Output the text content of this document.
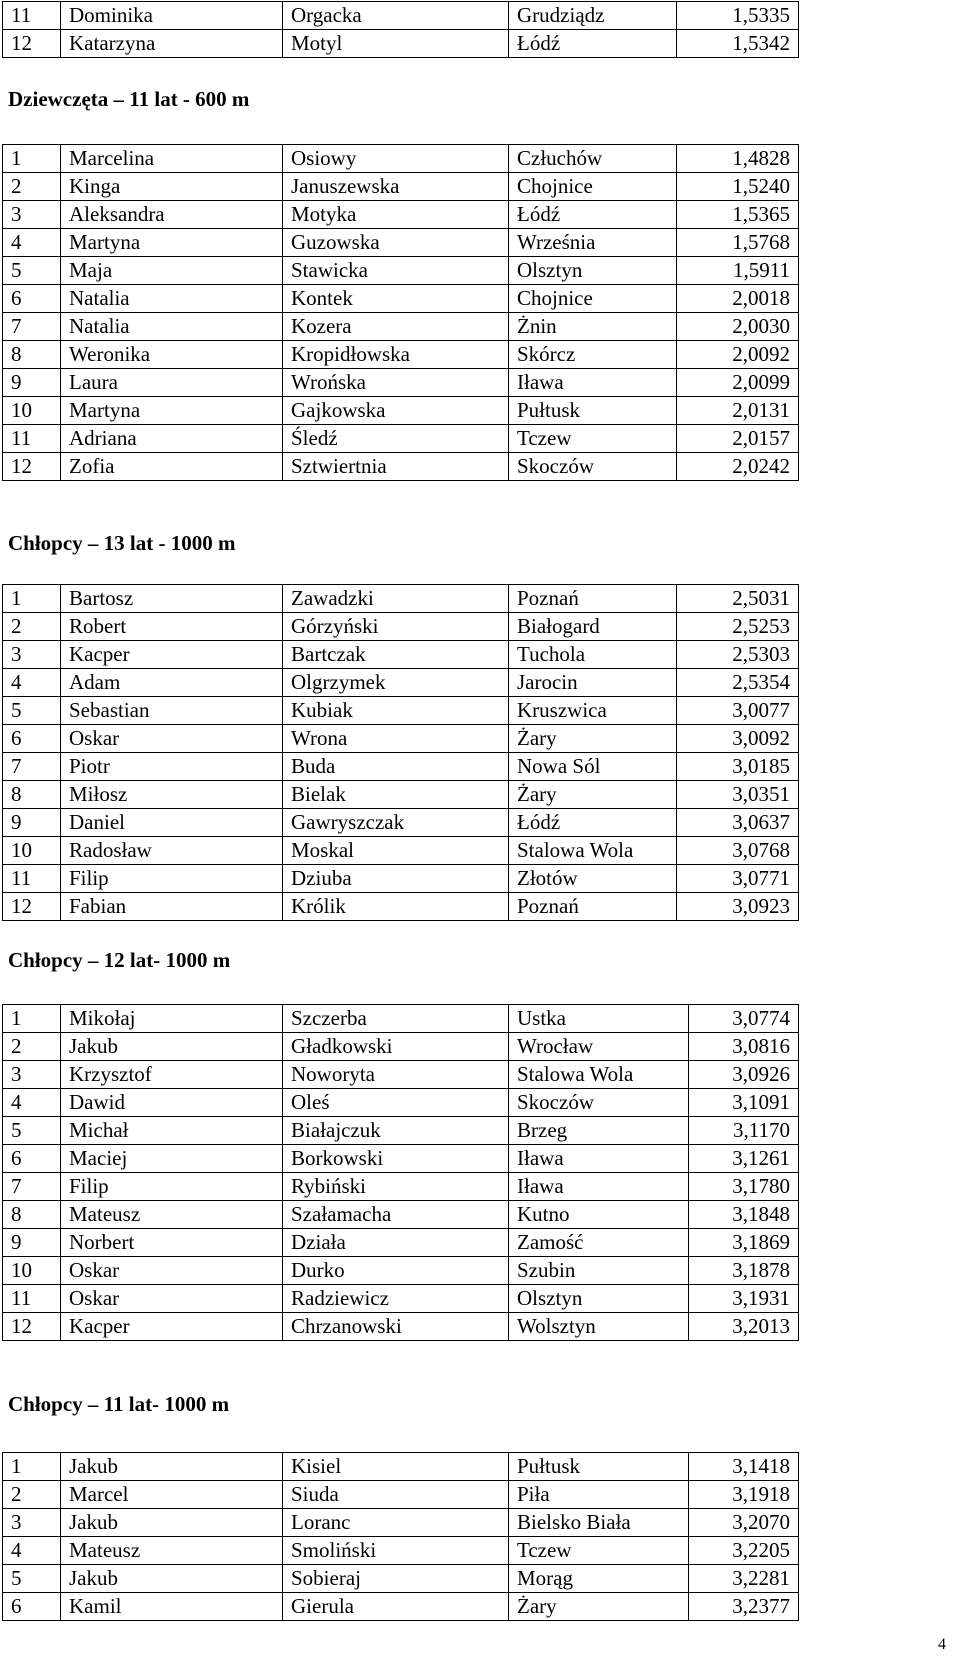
11	Dominika	Orgacka	Grudziądz	1,5335
12	Katarzyna	Motyl	Łódź	1,5342
Dziewczęta – 11 lat - 600 m
1	Marcelina	Osiowy	Człuchów	1,4828
2	Kinga	Januszewska	Chojnice	1,5240
3	Aleksandra	Motyka	Łódź	1,5365
4	Martyna	Guzowska	Września	1,5768
5	Maja	Stawicka	Olsztyn	1,5911
6	Natalia	Kontek	Chojnice	2,0018
7	Natalia	Kozera	Żnin	2,0030
8	Weronika	Kropidłowska	Skórcz	2,0092
9	Laura	Wrońska	Iława	2,0099
10	Martyna	Gajkowska	Pułtusk	2,0131
11	Adriana	Śledź	Tczew	2,0157
12	Zofia	Sztwiertnia	Skoczów	2,0242
Chłopcy – 13 lat - 1000 m
1	Bartosz	Zawadzki	Poznań	2,5031
2	Robert	Górzyński	Białogard	2,5253
3	Kacper	Bartczak	Tuchola	2,5303
4	Adam	Olgrzymek	Jarocin	2,5354
5	Sebastian	Kubiak	Kruszwica	3,0077
6	Oskar	Wrona	Żary	3,0092
7	Piotr	Buda	Nowa Sól	3,0185
8	Miłosz	Bielak	Żary	3,0351
9	Daniel	Gawryszczak	Łódź	3,0637
10	Radosław	Moskal	Stalowa Wola	3,0768
11	Filip	Dziuba	Złotów	3,0771
12	Fabian	Królik	Poznań	3,0923
Chłopcy – 12 lat- 1000 m
1	Mikołaj	Szczerba	Ustka	3,0774
2	Jakub	Gładkowski	Wrocław	3,0816
3	Krzysztof	Noworyta	Stalowa Wola	3,0926
4	Dawid	Oleś	Skoczów	3,1091
5	Michał	Białajczuk	Brzeg	3,1170
6	Maciej	Borkowski	Iława	3,1261
7	Filip	Rybiński	Iława	3,1780
8	Mateusz	Szałamacha	Kutno	3,1848
9	Norbert	Działa	Zamość	3,1869
10	Oskar	Durko	Szubin	3,1878
11	Oskar	Radziewicz	Olsztyn	3,1931
12	Kacper	Chrzanowski	Wolsztyn	3,2013
Chłopcy – 11 lat- 1000 m
1	Jakub	Kisiel	Pułtusk	3,1418
2	Marcel	Siuda	Piła	3,1918
3	Jakub	Loranc	Bielsko Biała	3,2070
4	Mateusz	Smoliński	Tczew	3,2205
5	Jakub	Sobieraj	Morąg	3,2281
6	Kamil	Gierula	Żary	3,2377
4
